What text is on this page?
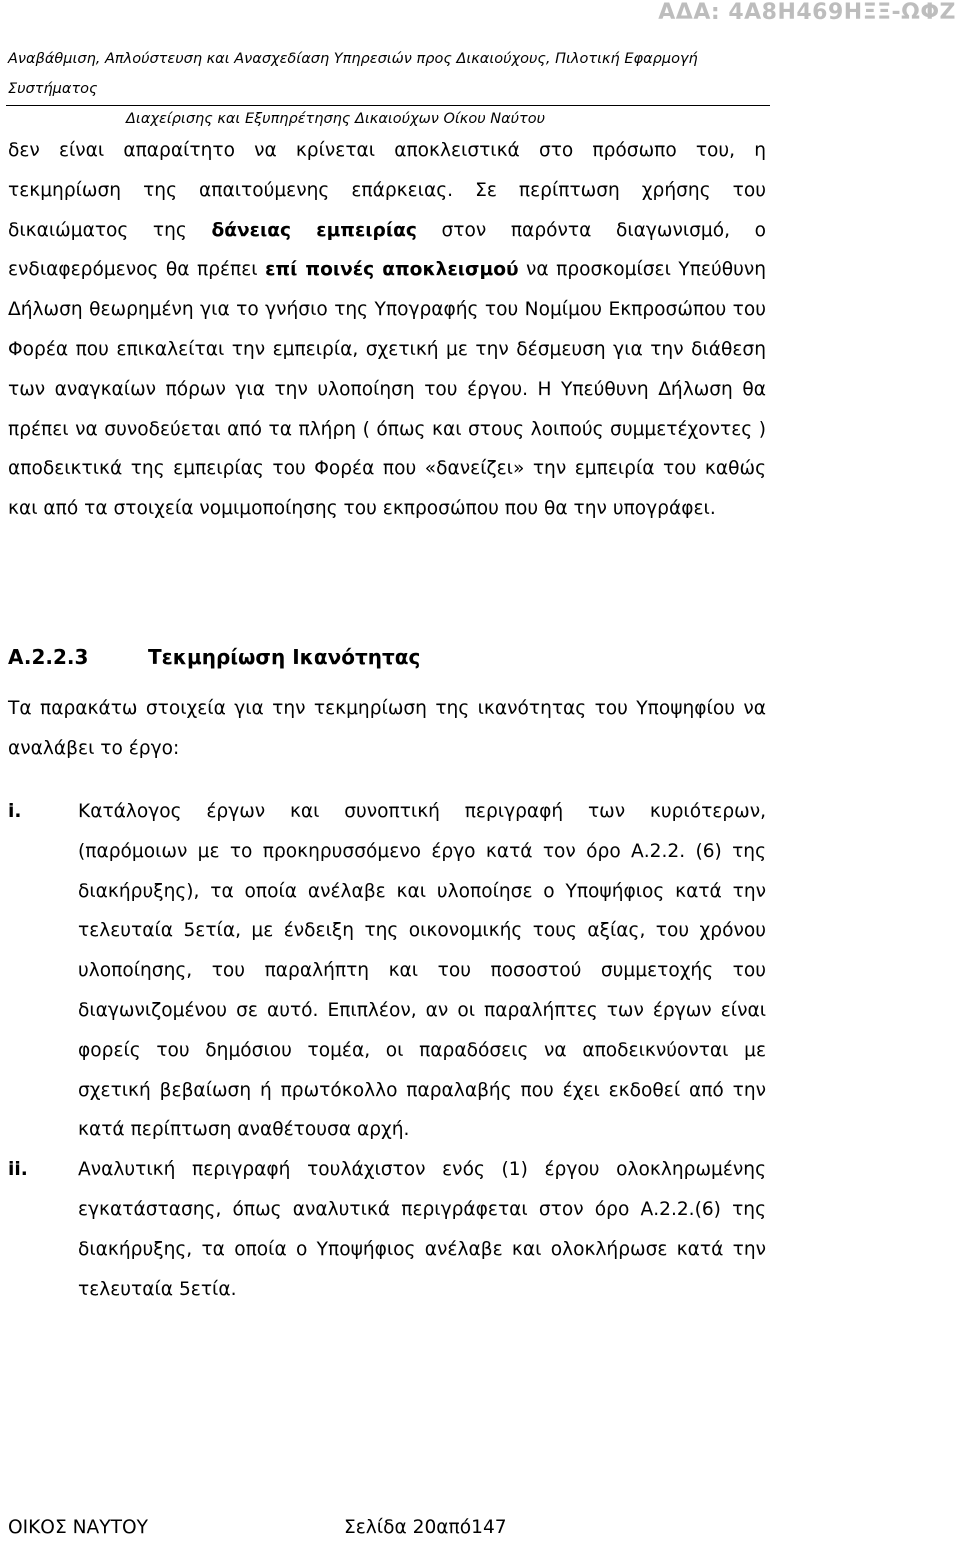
ΑΔΑ: 4Α8Η469ΗΞΞ-ΩΦΖ
Αναβάθμιση, Απλούστευση και Ανασχεδίαση Υπηρεσιών προς Δικαιούχους, Πιλοτική Εφαρμογή Συστήματος
Διαχείρισης και Εξυπηρέτησης Δικαιούχων Οίκου Ναύτου
δεν είναι απαραίτητο να κρίνεται αποκλειστικά στο πρόσωπο του, η τεκμηρίωση της απαιτούμενης επάρκειας. Σε περίπτωση χρήσης του δικαιώματος της δάνειας εμπειρίας στον παρόντα διαγωνισμό, ο ενδιαφερόμενος θα πρέπει επί ποινές αποκλεισμού να προσκομίσει Υπεύθυνη Δήλωση θεωρημένη για το γνήσιο της Υπογραφής του Νομίμου Εκπροσώπου του Φορέα που επικαλείται την εμπειρία, σχετική με την δέσμευση για την διάθεση των αναγκαίων πόρων για την υλοποίηση του έργου. Η Υπεύθυνη Δήλωση θα πρέπει να συνοδεύεται από τα πλήρη ( όπως και στους λοιπούς συμμετέχοντες ) αποδεικτικά της εμπειρίας του Φορέα που «δανείζει» την εμπειρία του καθώς και από τα στοιχεία νομιμοποίησης του εκπροσώπου που θα την υπογράφει.
A.2.2.3	Τεκμηρίωση Ικανότητας
Τα παρακάτω στοιχεία για την τεκμηρίωση της ικανότητας του Υποψηφίου να αναλάβει το έργο:
i.	Κατάλογος έργων και συνοπτική περιγραφή των κυριότερων, (παρόμοιων με το προκηρυσσόμενο έργο κατά τον όρο Α.2.2. (6) της διακήρυξης), τα οποία ανέλαβε και υλοποίησε ο Υποψήφιος κατά την τελευταία 5ετία, με ένδειξη της οικονομικής τους αξίας, του χρόνου υλοποίησης, του παραλήπτη και του ποσοστού συμμετοχής του διαγωνιζομένου σε αυτό. Επιπλέον, αν οι παραλήπτες των έργων είναι φορείς του δημόσιου τομέα, οι παραδόσεις να αποδεικνύονται με σχετική βεβαίωση ή πρωτόκολλο παραλαβής που έχει εκδοθεί από την κατά περίπτωση αναθέτουσα αρχή.
ii.	Αναλυτική περιγραφή τουλάχιστον ενός (1) έργου ολοκληρωμένης εγκατάστασης, όπως αναλυτικά περιγράφεται στον όρο Α.2.2.(6) της διακήρυξης, τα οποία ο Υποψήφιος ανέλαβε και ολοκλήρωσε κατά την τελευταία 5ετία.
ΟΙΚΟΣ ΝΑΥΤΟΥ	Σελίδα 20από147
